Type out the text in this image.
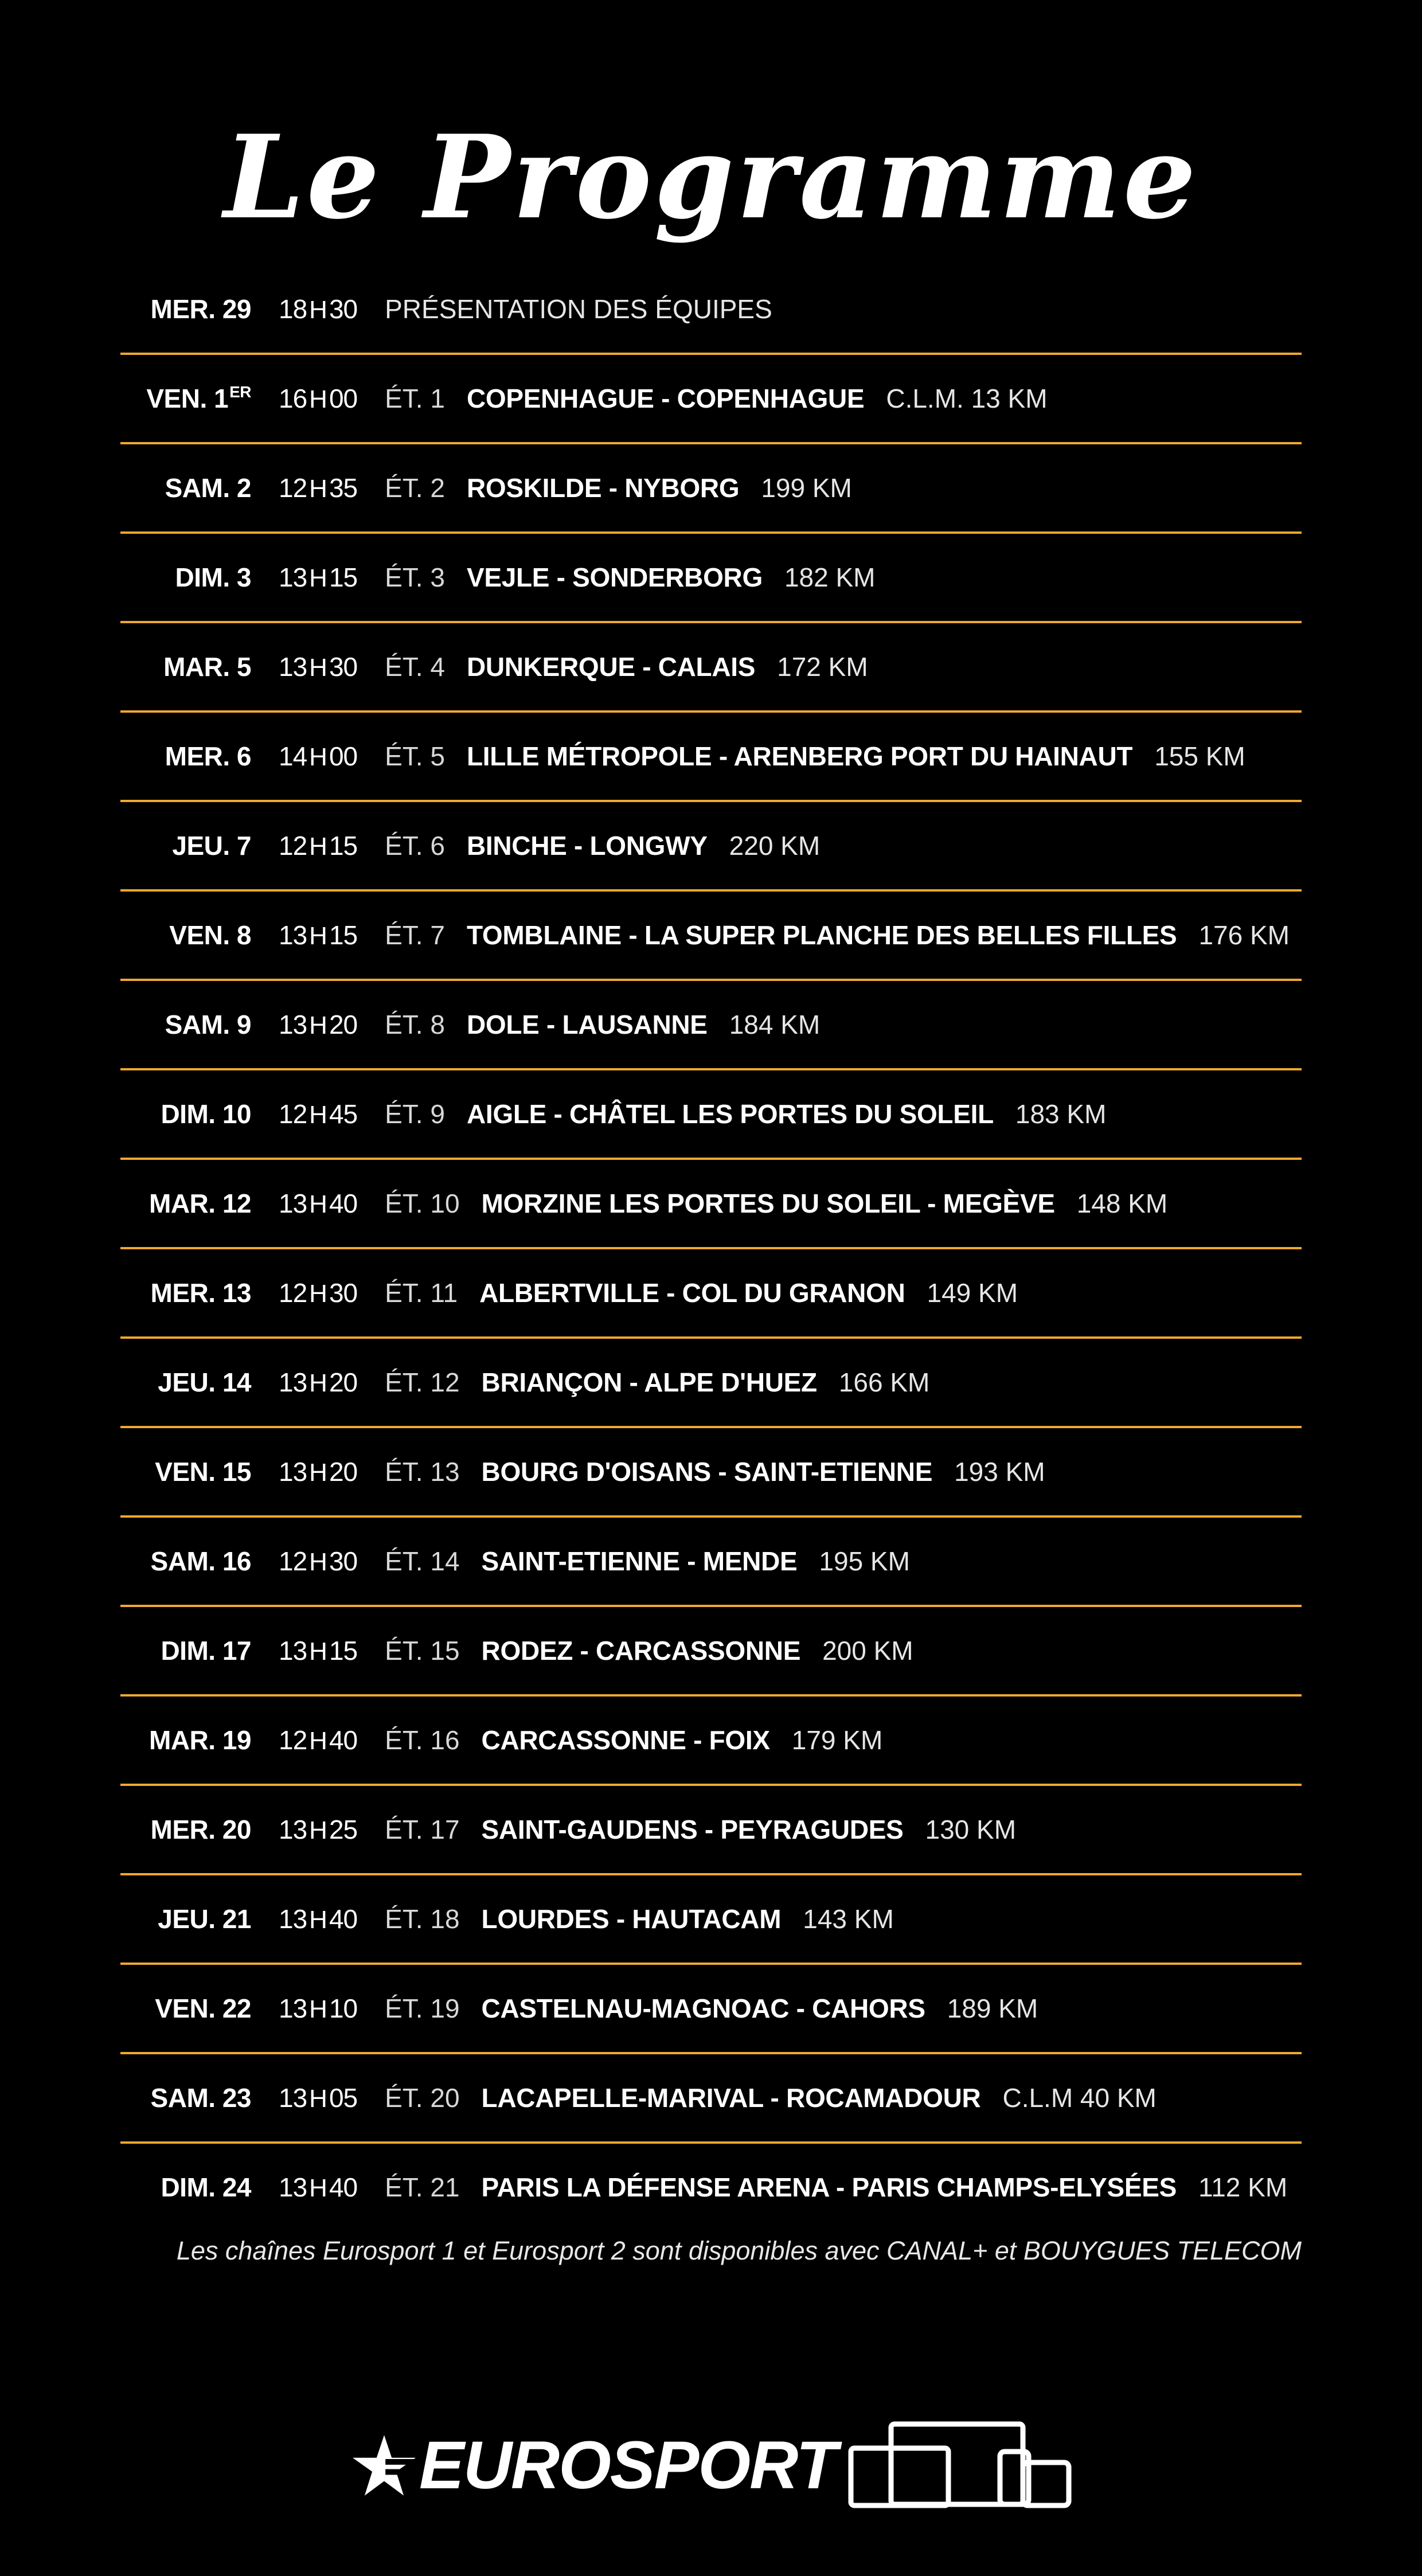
Le Programme
MER. 29 18H30 PRÉSENTATION DES ÉQUIPES
VEN. 1ER 16H00 ÉT. 1 COPENHAGUE - COPENHAGUE C.L.M. 13 KM
SAM. 2 12H35 ÉT. 2 ROSKILDE - NYBORG 199 KM
DIM. 3 13H15 ÉT. 3 VEJLE - SONDERBORG 182 KM
MAR. 5 13H30 ÉT. 4 DUNKERQUE - CALAIS 172 KM
MER. 6 14H00 ÉT. 5 LILLE MÉTROPOLE - ARENBERG PORT DU HAINAUT 155 KM
JEU. 7 12H15 ÉT. 6 BINCHE - LONGWY 220 KM
VEN. 8 13H15 ÉT. 7 TOMBLAINE - LA SUPER PLANCHE DES BELLES FILLES 176 KM
SAM. 9 13H20 ÉT. 8 DOLE - LAUSANNE 184 KM
DIM. 10 12H45 ÉT. 9 AIGLE - CHÂTEL LES PORTES DU SOLEIL 183 KM
MAR. 12 13H40 ÉT. 10 MORZINE LES PORTES DU SOLEIL - MEGÈVE 148 KM
MER. 13 12H30 ÉT. 11 ALBERTVILLE - COL DU GRANON 149 KM
JEU. 14 13H20 ÉT. 12 BRIANÇON - ALPE D'HUEZ 166 KM
VEN. 15 13H20 ÉT. 13 BOURG D'OISANS - SAINT-ETIENNE 193 KM
SAM. 16 12H30 ÉT. 14 SAINT-ETIENNE - MENDE 195 KM
DIM. 17 13H15 ÉT. 15 RODEZ - CARCASSONNE 200 KM
MAR. 19 12H40 ÉT. 16 CARCASSONNE - FOIX 179 KM
MER. 20 13H25 ÉT. 17 SAINT-GAUDENS - PEYRAGUDES 130 KM
JEU. 21 13H40 ÉT. 18 LOURDES - HAUTACAM 143 KM
VEN. 22 13H10 ÉT. 19 CASTELNAU-MAGNOAC - CAHORS 189 KM
SAM. 23 13H05 ÉT. 20 LACAPELLE-MARIVAL - ROCAMADOUR C.L.M 40 KM
DIM. 24 13H40 ÉT. 21 PARIS LA DÉFENSE ARENA - PARIS CHAMPS-ELYSÉES 112 KM
Les chaînes Eurosport 1 et Eurosport 2 sont disponibles avec CANAL+ et BOUYGUES TELECOM
EUROSPORT
